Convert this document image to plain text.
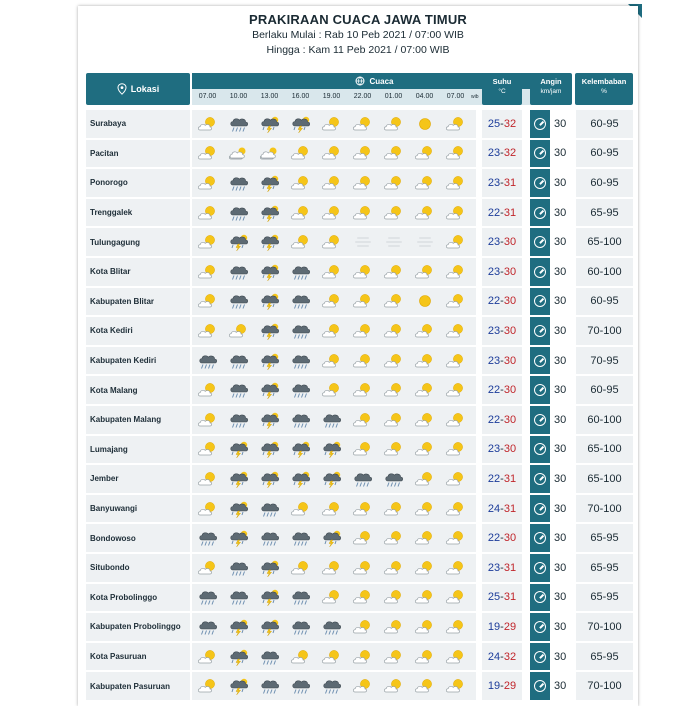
PRAKIRAAN CUACA JAWA TIMUR
Berlaku Mulai : Rab 10 Peb 2021 / 07:00 WIB
Hingga : Kam 11 Peb 2021 / 07:00 WIB
Lokasi
Cuaca
07.00	10.00	13.00	16.00	19.00	22.00	01.00	04.00	07.00	wib
Suhu
°C
Angin
km/jam
Kelembaban
%
Surabaya	25 - 32	30	60-95
Pacitan	23 - 32	30	60-95
Ponorogo	23 - 31	30	60-95
Trenggalek	22 - 31	30	65-95
Tulungagung	23 - 30	30	65-100
Kota Blitar	23 - 30	30	60-100
Kabupaten Blitar	22 - 30	30	60-95
Kota Kediri	23 - 30	30	70-100
Kabupaten Kediri	23 - 30	30	70-95
Kota Malang	22 - 30	30	60-95
Kabupaten Malang	22 - 30	30	60-100
Lumajang	23 - 30	30	65-100
Jember	22 - 31	30	65-100
Banyuwangi	24 - 31	30	70-100
Bondowoso	22 - 30	30	65-95
Situbondo	23 - 31	30	65-95
Kota Probolinggo	25 - 31	30	65-95
Kabupaten Probolinggo	19 - 29	30	70-100
Kota Pasuruan	24 - 32	30	65-95
Kabupaten Pasuruan	19 - 29	30	70-100
